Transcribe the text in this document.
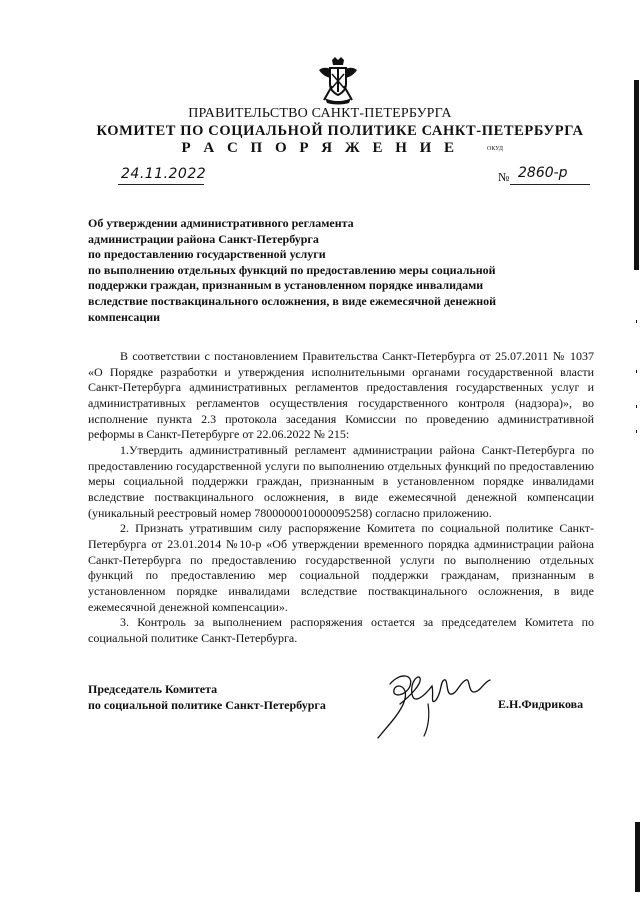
ПРАВИТЕЛЬСТВО САНКТ-ПЕТЕРБУРГА
КОМИТЕТ ПО СОЦИАЛЬНОЙ ПОЛИТИКЕ САНКТ-ПЕТЕРБУРГА
Р А С П О Р Я Ж Е Н И Е	ОКУД
24.11.2022	№ 2860-р
Об утверждении административного регламента
администрации района Санкт-Петербурга
по предоставлению государственной услуги
по выполнению отдельных функций по предоставлению меры социальной
поддержки граждан, признанным в установленном порядке инвалидами
вследствие поствакцинального осложнения, в виде ежемесячной денежной
компенсации

В соответствии с постановлением Правительства Санкт-Петербурга от 25.07.2011 № 1037 «О Порядке разработки и утверждения исполнительными органами государственной власти Санкт-Петербурга административных регламентов предоставления государственных услуг и административных регламентов осуществления государственного контроля (надзора)», во исполнение пункта 2.3 протокола заседания Комиссии по проведению административной реформы в Санкт-Петербурге от 22.06.2022 № 215:

1.Утвердить административный регламент администрации района Санкт-Петербурга по предоставлению государственной услуги по выполнению отдельных функций по предоставлению меры социальной поддержки граждан, признанным в установленном порядке инвалидами вследствие поствакцинального осложнения, в виде ежемесячной денежной компенсации (уникальный реестровый номер 7800000010000095258) согласно приложению.

2. Признать утратившим силу распоряжение Комитета по социальной политике Санкт-Петербурга от 23.01.2014 №10-р «Об утверждении временного порядка администрации района Санкт-Петербурга по предоставлению государственной услуги по выполнению отдельных функций по предоставлению мер социальной поддержки гражданам, признанным в установленном порядке инвалидами вследствие поствакцинального осложнения, в виде ежемесячной денежной компенсации».

3. Контроль за выполнением распоряжения остается за председателем Комитета по социальной политике Санкт-Петербурга.

Председатель Комитета
по социальной политике Санкт-Петербурга	Е.Н.Фидрикова
